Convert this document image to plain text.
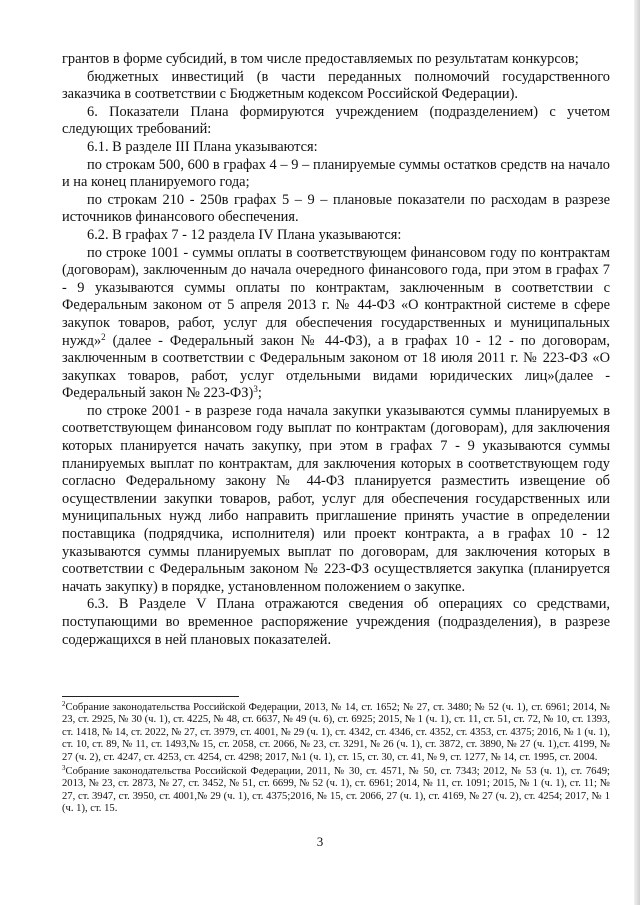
грантов в форме субсидий, в том числе предоставляемых по результатам конкурсов;

бюджетных инвестиций (в части переданных полномочий государственного заказчика в соответствии с Бюджетным кодексом Российской Федерации).

6. Показатели Плана формируются учреждением (подразделением) с учетом следующих требований:

6.1. В разделе III Плана указываются:

по строкам 500, 600 в графах 4 – 9 – планируемые суммы остатков средств на начало и на конец планируемого года;

по строкам 210 - 250в графах 5 – 9 – плановые показатели по расходам в разрезе источников финансового обеспечения.

6.2. В графах 7 - 12 раздела IV Плана указываются:

по строке 1001 - суммы оплаты в соответствующем финансовом году по контрактам (договорам), заключенным до начала очередного финансового года, при этом в графах 7 - 9 указываются суммы оплаты по контрактам, заключенным в соответствии с Федеральным законом от 5 апреля 2013 г. № 44-ФЗ «О контрактной системе в сфере закупок товаров, работ, услуг для обеспечения государственных и муниципальных нужд»$^2$ (далее - Федеральный закон № 44-ФЗ), а в графах 10 - 12 - по договорам, заключенным в соответствии с Федеральным законом от 18 июля 2011 г. № 223-ФЗ «О закупках товаров, работ, услуг отдельными видами юридических лиц»(далее - Федеральный закон № 223-ФЗ)$^3$;

по строке 2001 - в разрезе года начала закупки указываются суммы планируемых в соответствующем финансовом году выплат по контрактам (договорам), для заключения которых планируется начать закупку, при этом в графах 7 - 9 указываются суммы планируемых выплат по контрактам, для заключения которых в соответствующем году согласно Федеральному закону № 44-ФЗ планируется разместить извещение об осуществлении закупки товаров, работ, услуг для обеспечения государственных или муниципальных нужд либо направить приглашение принять участие в определении поставщика (подрядчика, исполнителя) или проект контракта, а в графах 10 - 12 указываются суммы планируемых выплат по договорам, для заключения которых в соответствии с Федеральным законом № 223-ФЗ осуществляется закупка (планируется начать закупку) в порядке, установленном положением о закупке.

6.3. В Разделе V Плана отражаются сведения об операциях со средствами, поступающими во временное распоряжение учреждения (подразделения), в разрезе содержащихся в ней плановых показателей.

$^2$Собрание законодательства Российской Федерации, 2013, № 14, ст. 1652; № 27, ст. 3480; № 52 (ч. 1), ст. 6961; 2014, № 23, ст. 2925, № 30 (ч. 1), ст. 4225, № 48, ст. 6637, № 49 (ч. 6), ст. 6925; 2015, № 1 (ч. 1), ст. 11, ст. 51, ст. 72, № 10, ст. 1393, ст. 1418, № 14, ст. 2022, № 27, ст. 3979, ст. 4001, № 29 (ч. 1), ст. 4342, ст. 4346, ст. 4352, ст. 4353, ст. 4375; 2016, № 1 (ч. 1), ст. 10, ст. 89, № 11, ст. 1493,№ 15, ст. 2058, ст. 2066, № 23, ст. 3291, № 26 (ч. 1), ст. 3872, ст. 3890, № 27 (ч. 1),ст. 4199, № 27 (ч. 2), ст. 4247, ст. 4253, ст. 4254, ст. 4298; 2017, №1 (ч. 1), ст. 15, ст. 30, ст. 41, № 9, ст. 1277, № 14, ст. 1995, ст. 2004.

$^3$Собрание законодательства Российской Федерации, 2011, № 30, ст. 4571, № 50, ст. 7343; 2012, № 53 (ч. 1), ст. 7649; 2013, № 23, ст. 2873, № 27, ст. 3452, № 51, ст. 6699, № 52 (ч. 1), ст. 6961; 2014, № 11, ст. 1091; 2015, № 1 (ч. 1), ст. 11; № 27, ст. 3947, ст. 3950, ст. 4001,№ 29 (ч. 1), ст. 4375;2016, № 15, ст. 2066, 27 (ч. 1), ст. 4169, № 27 (ч. 2), ст. 4254; 2017, № 1 (ч. 1), ст. 15.

3
